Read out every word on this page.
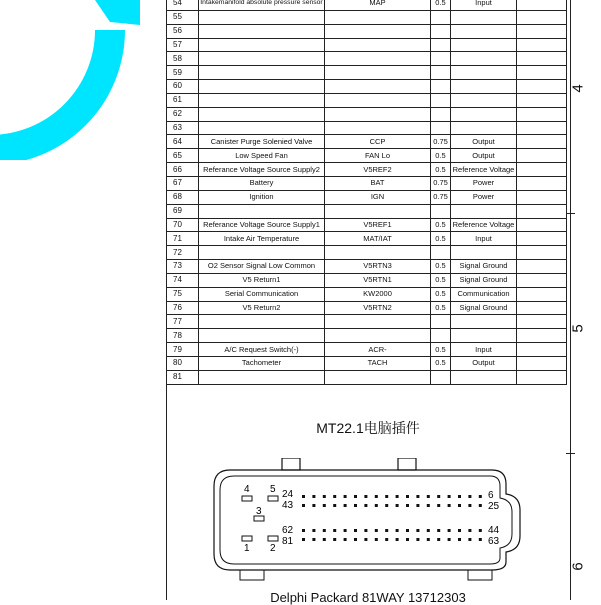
54	Intakemanifold absolute pressure sensor	MAP	0.5	Input	
55					
56					
57					
58					
59					
60					
61					
62					
63					
64	Canister Purge Solenied Valve	CCP	0.75	Output	
65	Low Speed Fan	FAN Lo	0.5	Output	
66	Referance Voltage Source Supply2	V5REF2	0.5	Reference Voltage	
67	Battery	BAT	0.75	Power	
68	Ignition	IGN	0.75	Power	
69					
70	Referance Voltage Source Supply1	V5REF1	0.5	Reference Voltage	
71	Intake Air Temperature	MAT/IAT	0.5	Input	
72					
73	O2 Sensor Signal Low Common	V5RTN3	0.5	Signal Ground	
74	V5 Return1	V5RTN1	0.5	Signal Ground	
75	Serial Communication	KW2000	0.5	Communication	
76	V5 Return2	V5RTN2	0.5	Signal Ground	
77					
78					
79	A/C Request Switch(-)	ACR-	0.5	Input	
80	Tachometer	TACH	0.5	Output	
81					
4
5
6
MT22.1电脑插件
4 5
3
1 2
24
43
62
81
6
25
44
63
Delphi Packard 81WAY 13712303
